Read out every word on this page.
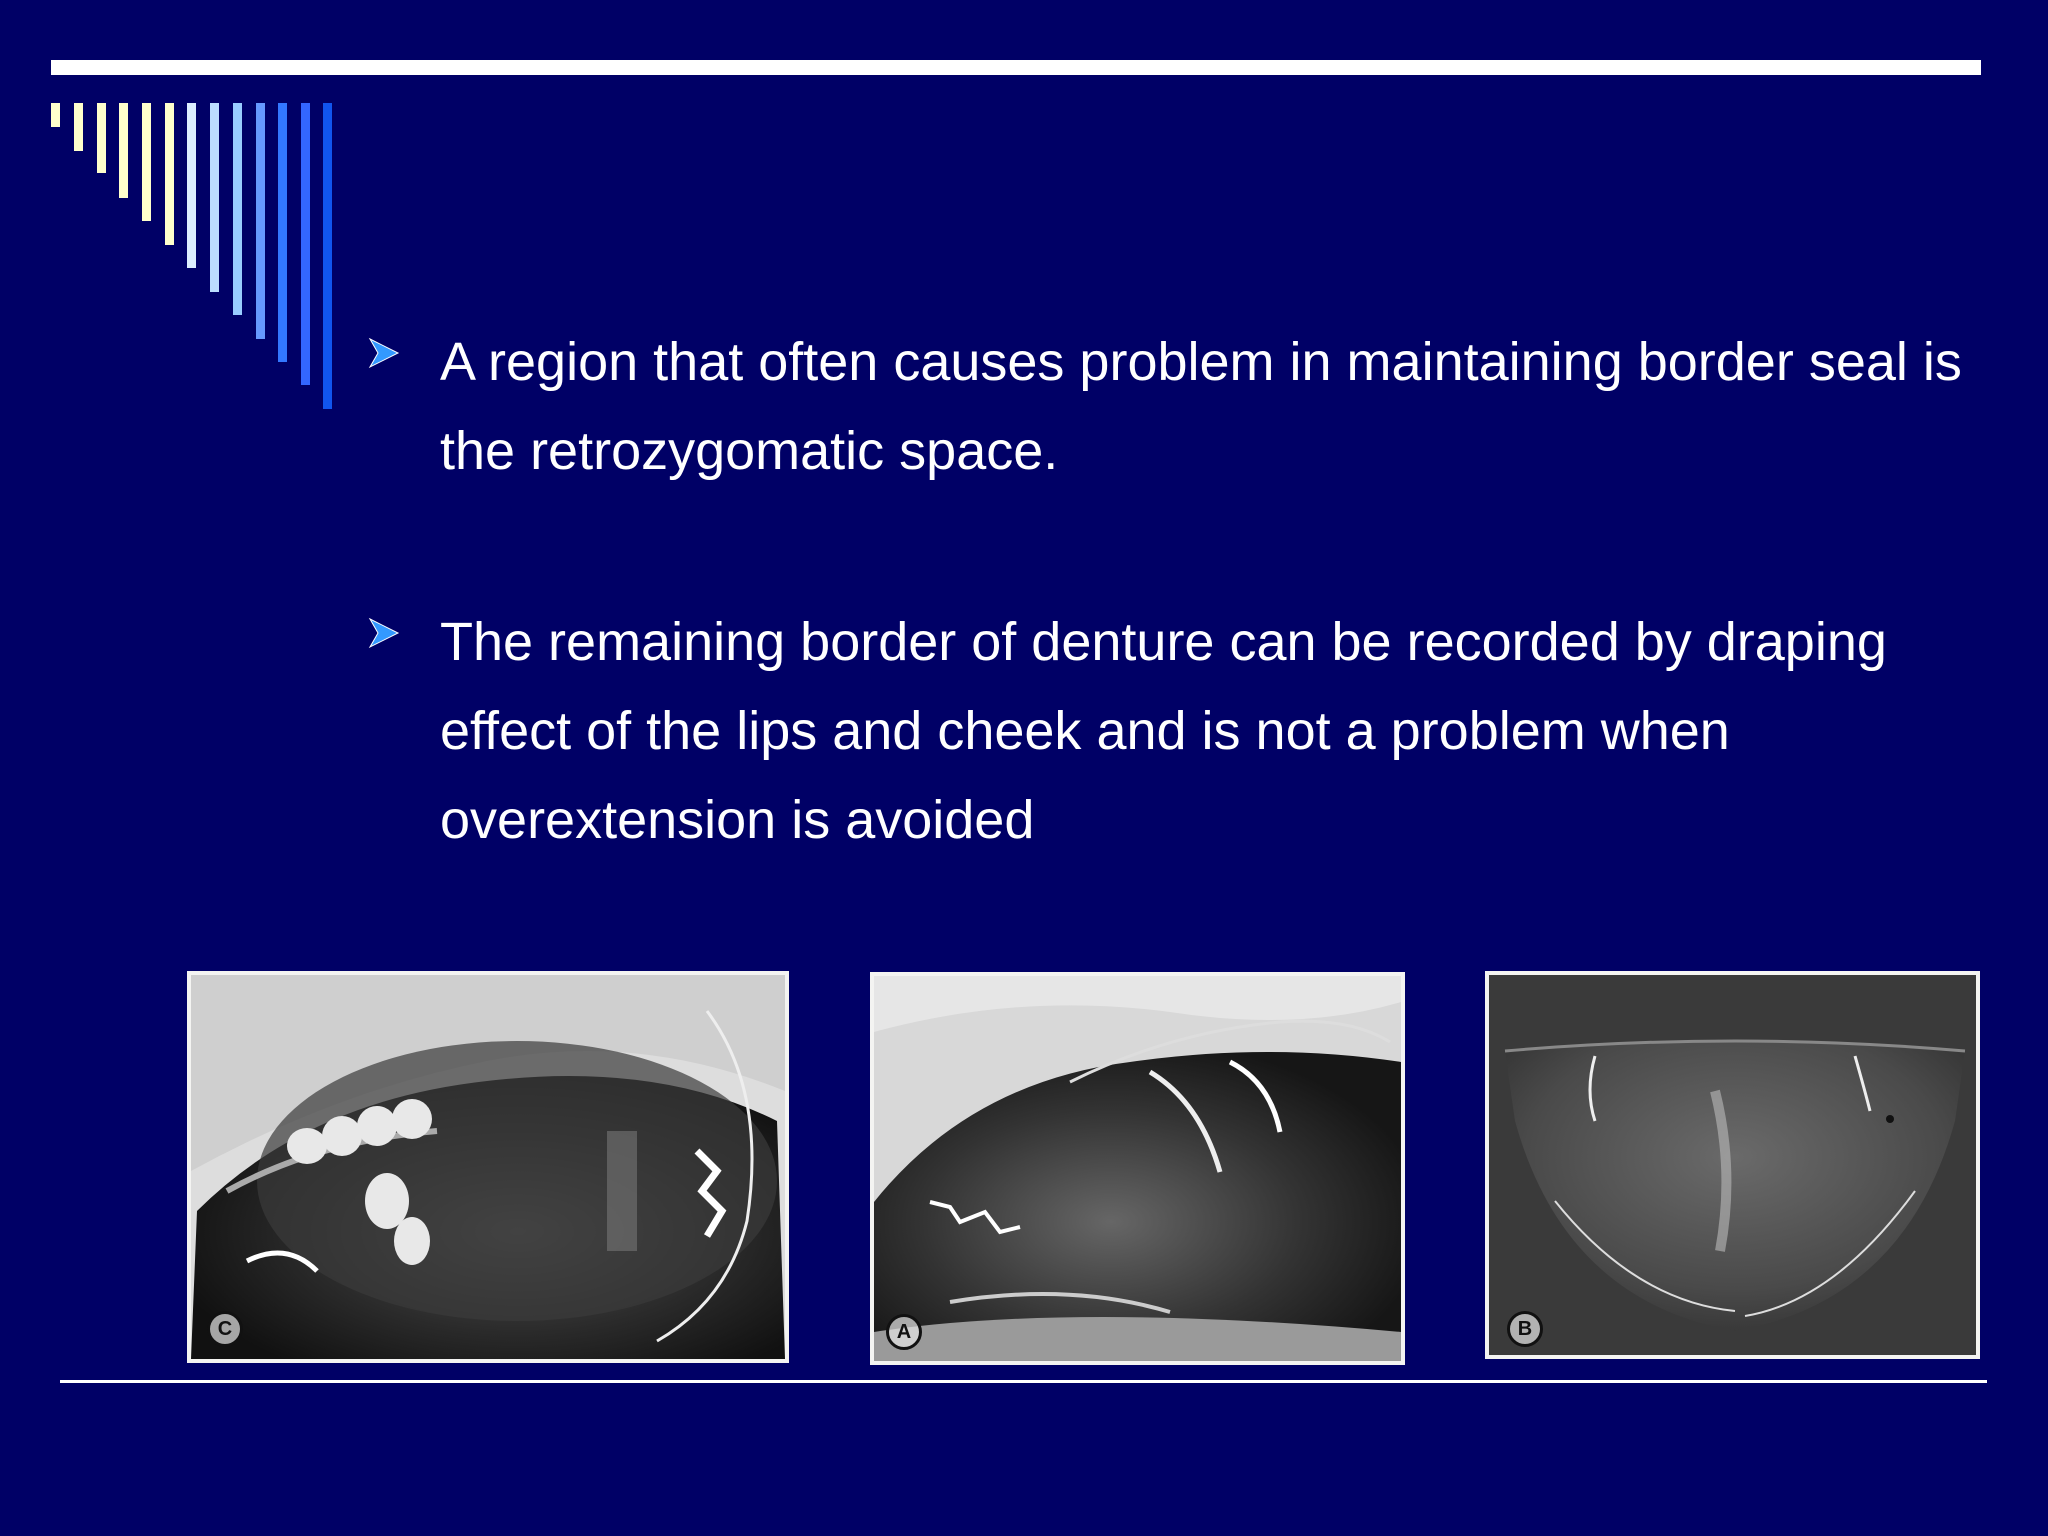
A region that often causes problem in maintaining border seal is the retrozygomatic space.
The remaining border of denture can be recorded by draping effect of the lips and cheek and is not a problem when overextension is avoided
C	A	B
